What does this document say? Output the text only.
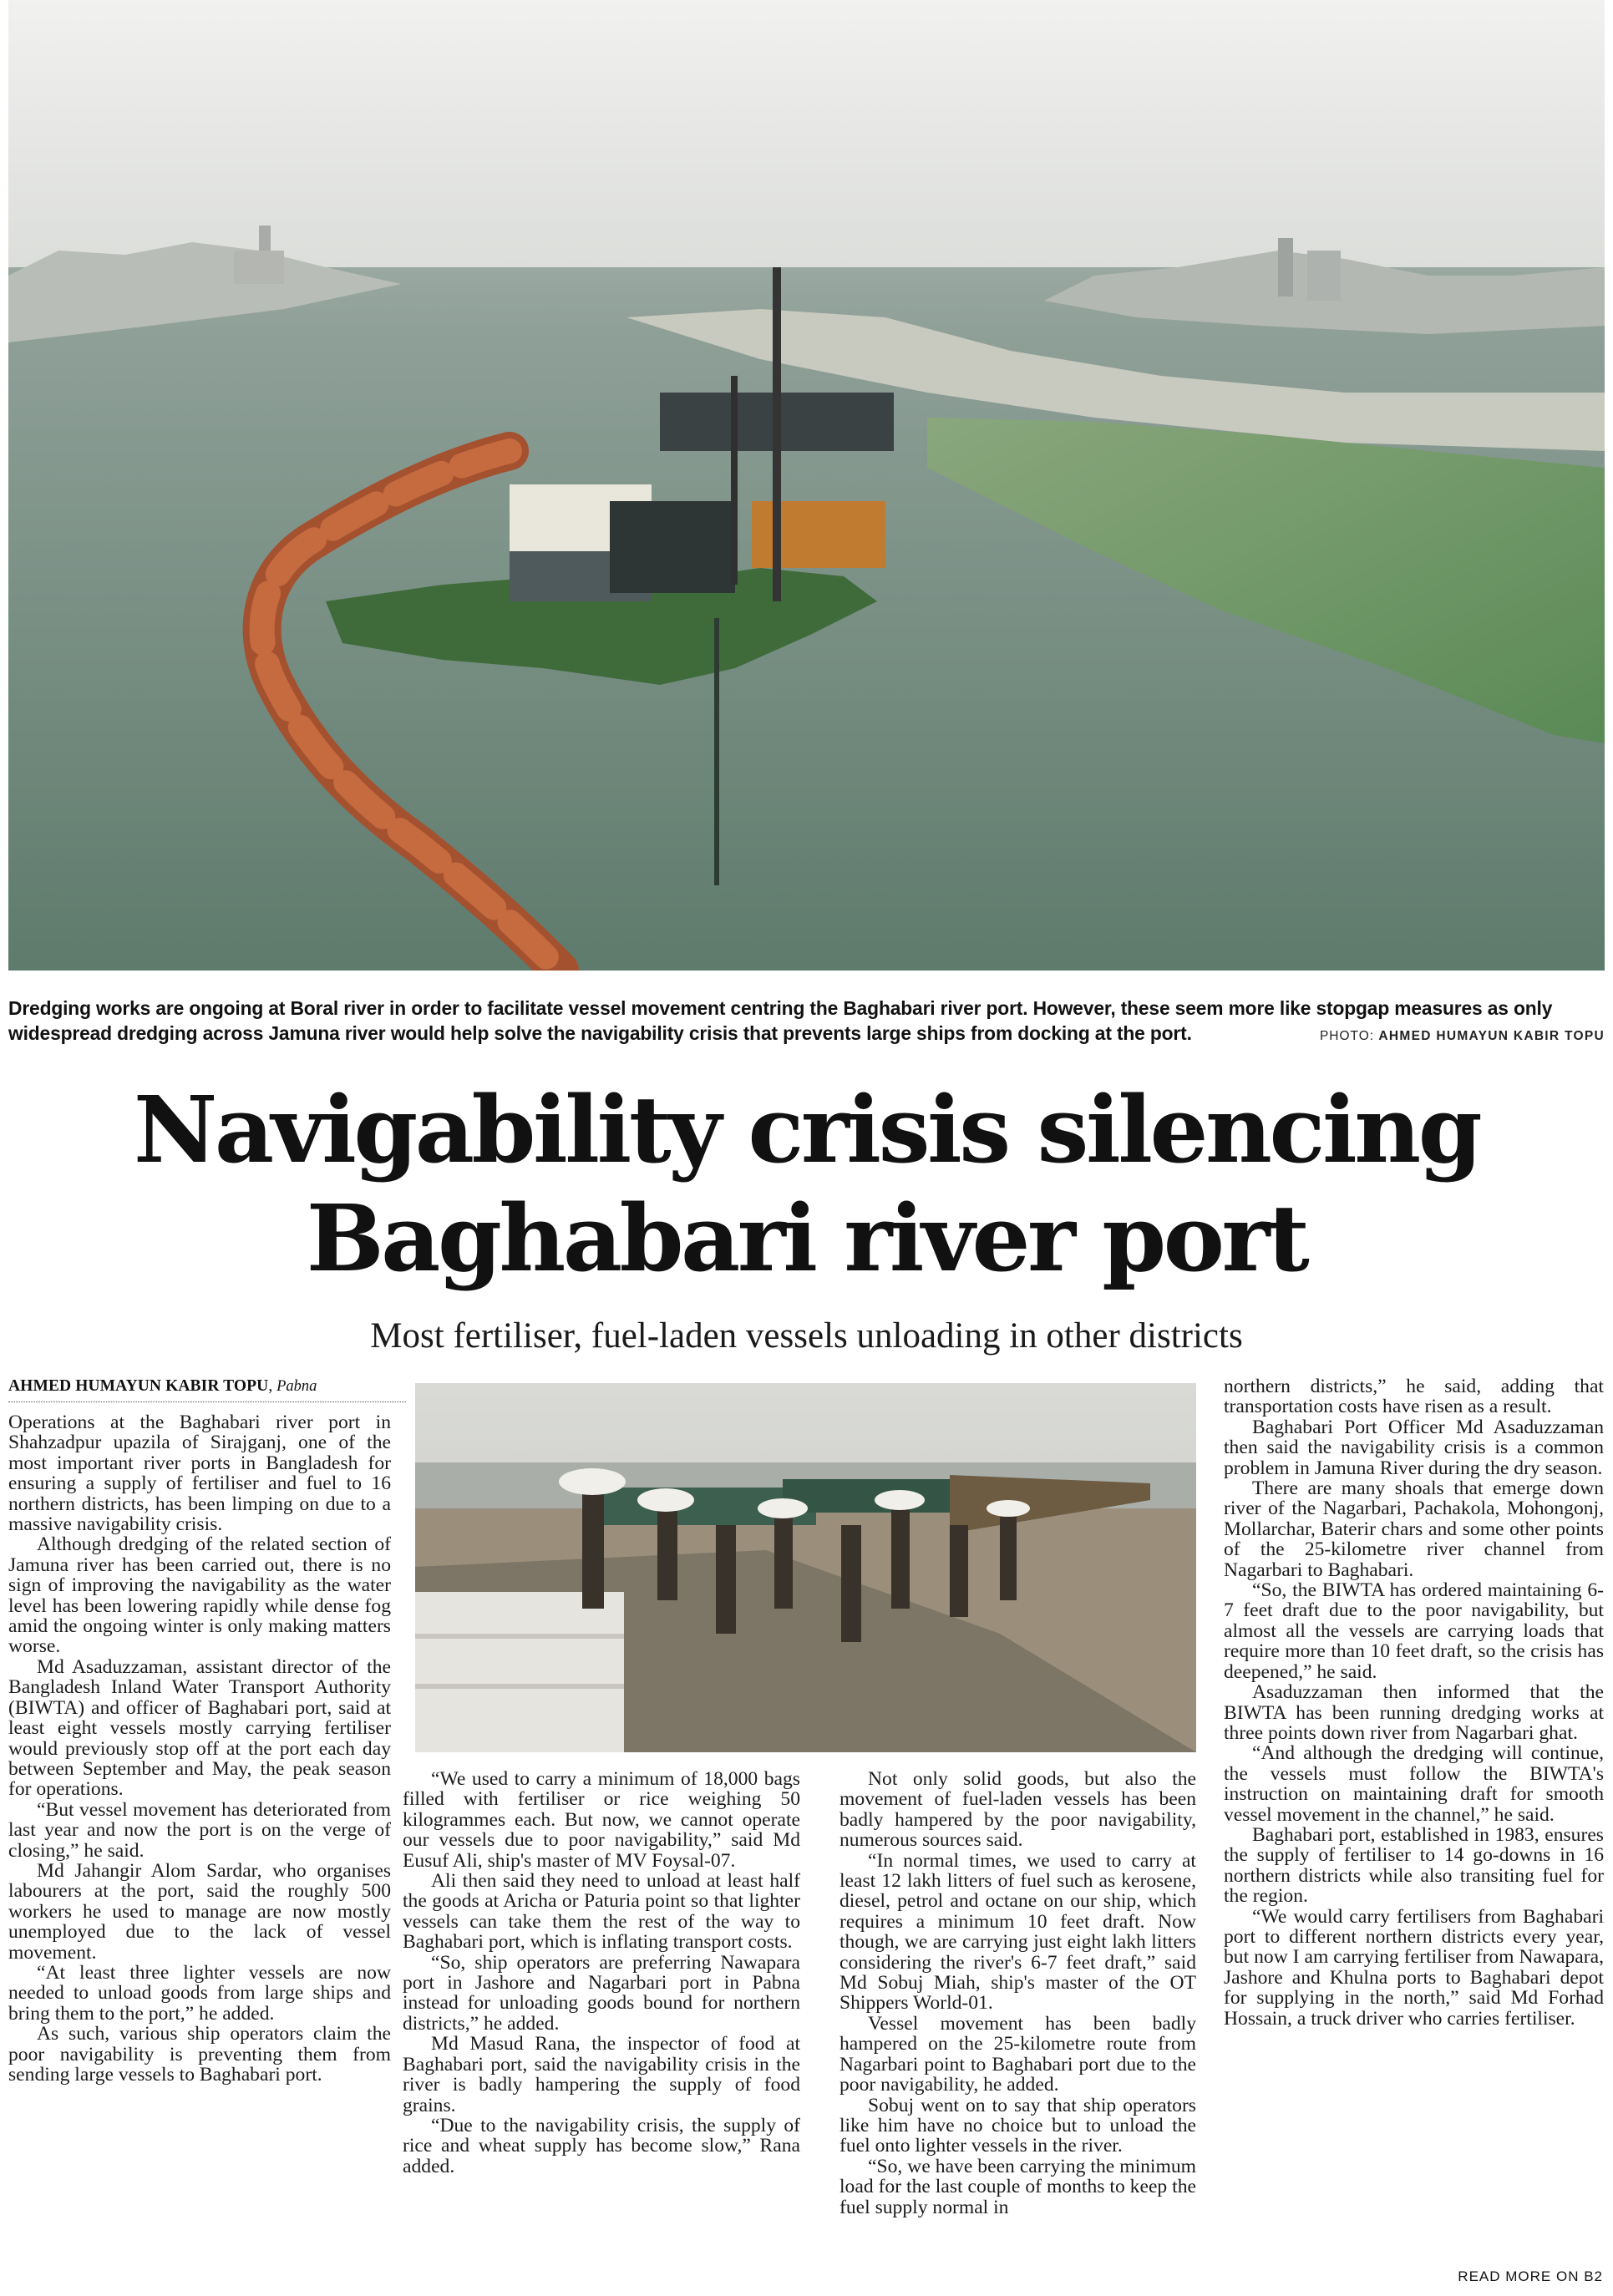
Dredging works are ongoing at Boral river in order to facilitate vessel movement centring the Baghabari river port. However, these seem more like stopgap measures as only
widespread dredging across Jamuna river would help solve the navigability crisis that prevents large ships from docking at the port.	PHOTO: AHMED HUMAYUN KABIR TOPU
Navigability crisis silencing
Baghabari river port
Most fertiliser, fuel-laden vessels unloading in other districts
AHMED HUMAYUN KABIR TOPU, Pabna

Operations at the Baghabari river port in Shahzadpur upazila of Sirajganj, one of the most important river ports in Bangladesh for ensuring a supply of fertiliser and fuel to 16 northern districts, has been limping on due to a massive navigability crisis.

Although dredging of the related section of Jamuna river has been carried out, there is no sign of improving the navigability as the water level has been lowering rapidly while dense fog amid the ongoing winter is only making matters worse.

Md Asaduzzaman, assistant director of the Bangladesh Inland Water Transport Authority (BIWTA) and officer of Baghabari port, said at least eight vessels mostly carrying fertiliser would previously stop off at the port each day between September and May, the peak season for operations.

“But vessel movement has deteriorated from last year and now the port is on the verge of closing,” he said.

Md Jahangir Alom Sardar, who organises labourers at the port, said the roughly 500 workers he used to manage are now mostly unemployed due to the lack of vessel movement.

“At least three lighter vessels are now needed to unload goods from large ships and bring them to the port,” he added.

As such, various ship operators claim the poor navigability is preventing them from sending large vessels to Baghabari port.

“We used to carry a minimum of 18,000 bags filled with fertiliser or rice weighing 50 kilogrammes each. But now, we cannot operate our vessels due to poor navigability,” said Md Eusuf Ali, ship's master of MV Foysal-07.

Ali then said they need to unload at least half the goods at Aricha or Paturia point so that lighter vessels can take them the rest of the way to Baghabari port, which is inflating transport costs.

“So, ship operators are preferring Nawapara port in Jashore and Nagarbari port in Pabna instead for unloading goods bound for northern districts,” he added.

Md Masud Rana, the inspector of food at Baghabari port, said the navigability crisis in the river is badly hampering the supply of food grains.

“Due to the navigability crisis, the supply of rice and wheat supply has become slow,” Rana added.

Not only solid goods, but also the movement of fuel-laden vessels has been badly hampered by the poor navigability, numerous sources said.

“In normal times, we used to carry at least 12 lakh litters of fuel such as kerosene, diesel, petrol and octane on our ship, which requires a minimum 10 feet draft. Now though, we are carrying just eight lakh litters considering the river's 6-7 feet draft,” said Md Sobuj Miah, ship's master of the OT Shippers World-01.

Vessel movement has been badly hampered on the 25-kilometre route from Nagarbari point to Baghabari port due to the poor navigability, he added.

Sobuj went on to say that ship operators like him have no choice but to unload the fuel onto lighter vessels in the river.

“So, we have been carrying the minimum load for the last couple of months to keep the fuel supply normal in

northern districts,” he said, adding that transportation costs have risen as a result.

Baghabari Port Officer Md Asaduzzaman then said the navigability crisis is a common problem in Jamuna River during the dry season.

There are many shoals that emerge down river of the Nagarbari, Pachakola, Mohongonj, Mollarchar, Baterir chars and some other points of the 25-kilometre river channel from Nagarbari to Baghabari.

“So, the BIWTA has ordered maintaining 6-7 feet draft due to the poor navigability, but almost all the vessels are carrying loads that require more than 10 feet draft, so the crisis has deepened,” he said.

Asaduzzaman then informed that the BIWTA has been running dredging works at three points down river from Nagarbari ghat.

“And although the dredging will continue, the vessels must follow the BIWTA's instruction on maintaining draft for smooth vessel movement in the channel,” he said.

Baghabari port, established in 1983, ensures the supply of fertiliser to 14 go-downs in 16 northern districts while also transiting fuel for the region.

“We would carry fertilisers from Baghabari port to different northern districts every year, but now I am carrying fertiliser from Nawapara, Jashore and Khulna ports to Baghabari depot for supplying in the north,” said Md Forhad Hossain, a truck driver who carries fertiliser.

READ MORE ON B2
